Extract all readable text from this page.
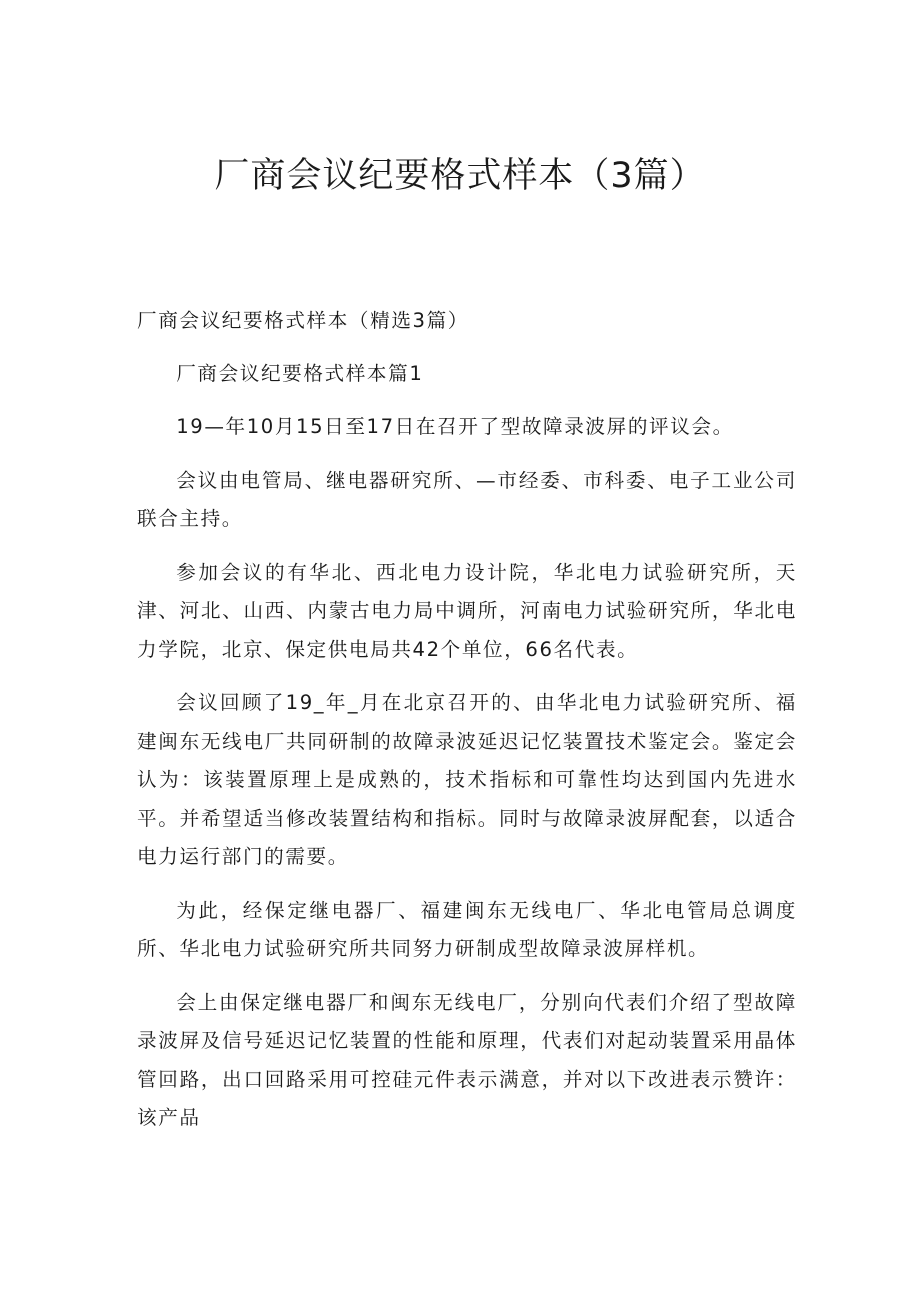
厂商会议纪要格式样本（3篇）

厂商会议纪要格式样本（精选3篇）

厂商会议纪要格式样本篇1

19—年10月15日至17日在召开了型故障录波屏的评议会。

会议由电管局、继电器研究所、—市经委、市科委、电子工业公司联合主持。

参加会议的有华北、西北电力设计院，华北电力试验研究所，天津、河北、山西、内蒙古电力局中调所，河南电力试验研究所，华北电力学院，北京、保定供电局共42个单位，66名代表。

会议回顾了19_年_月在北京召开的、由华北电力试验研究所、福建闽东无线电厂共同研制的故障录波延迟记忆装置技术鉴定会。鉴定会认为：该装置原理上是成熟的，技术指标和可靠性均达到国内先进水平。并希望适当修改装置结构和指标。同时与故障录波屏配套，以适合电力运行部门的需要。

为此，经保定继电器厂、福建闽东无线电厂、华北电管局总调度所、华北电力试验研究所共同努力研制成型故障录波屏样机。

会上由保定继电器厂和闽东无线电厂，分别向代表们介绍了型故障录波屏及信号延迟记忆装置的性能和原理，代表们对起动装置采用晶体管回路，出口回路采用可控硅元件表示满意，并对以下改进表示赞许：该产品
